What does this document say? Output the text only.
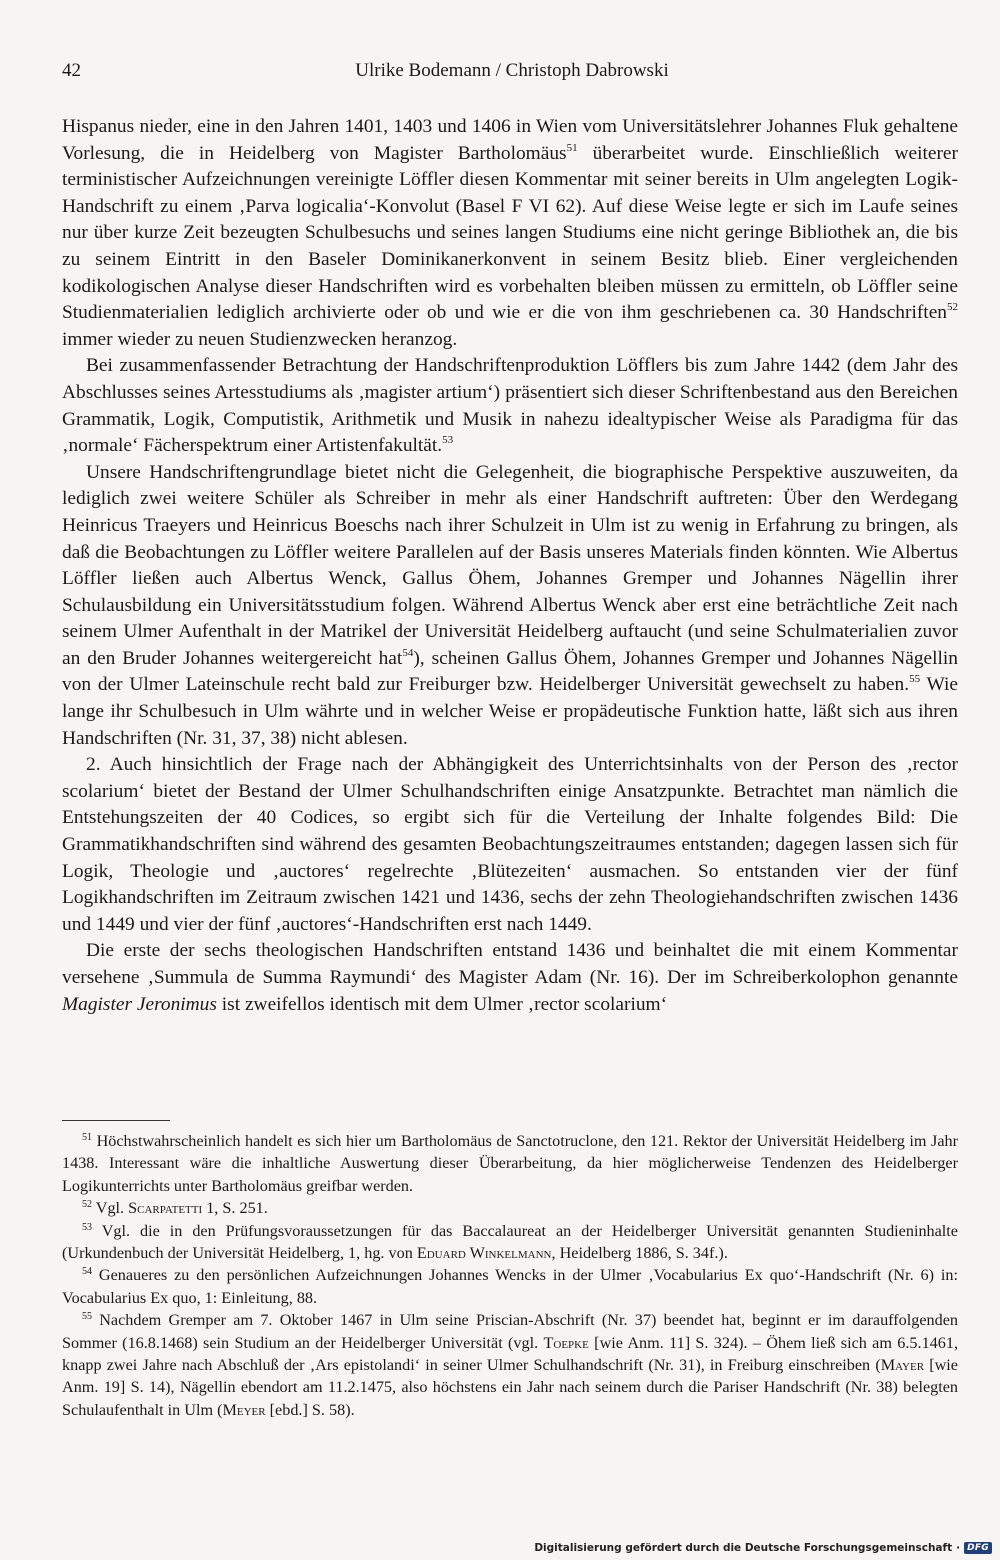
42	Ulrike Bodemann / Christoph Dabrowski

Hispanus nieder, eine in den Jahren 1401, 1403 und 1406 in Wien vom Universitätslehrer Johannes Fluk gehaltene Vorlesung, die in Heidelberg von Magister Bartholomäus$^{51}$ überarbeitet wurde. Einschließlich weiterer terministischer Aufzeichnungen vereinigte Löffler diesen Kommentar mit seiner bereits in Ulm angelegten Logik-Handschrift zu einem ‚Parva logicalia‘-Konvolut (Basel F VI 62). Auf diese Weise legte er sich im Laufe seines nur über kurze Zeit bezeugten Schulbesuchs und seines langen Studiums eine nicht geringe Bibliothek an, die bis zu seinem Eintritt in den Baseler Dominikanerkonvent in seinem Besitz blieb. Einer vergleichenden kodikologischen Analyse dieser Handschriften wird es vorbehalten bleiben müssen zu ermitteln, ob Löffler seine Studienmaterialien lediglich archivierte oder ob und wie er die von ihm geschriebenen ca. 30 Handschriften$^{52}$ immer wieder zu neuen Studienzwecken heranzog.

Bei zusammenfassender Betrachtung der Handschriftenproduktion Löfflers bis zum Jahre 1442 (dem Jahr des Abschlusses seines Artesstudiums als ‚magister artium‘) präsentiert sich dieser Schriftenbestand aus den Bereichen Grammatik, Logik, Computistik, Arithmetik und Musik in nahezu idealtypischer Weise als Paradigma für das ‚normale‘ Fächerspektrum einer Artistenfakultät.$^{53}$

Unsere Handschriftengrundlage bietet nicht die Gelegenheit, die biographische Perspektive auszuweiten, da lediglich zwei weitere Schüler als Schreiber in mehr als einer Handschrift auftreten: Über den Werdegang Heinricus Traeyers und Heinricus Boeschs nach ihrer Schulzeit in Ulm ist zu wenig in Erfahrung zu bringen, als daß die Beobachtungen zu Löffler weitere Parallelen auf der Basis unseres Materials finden könnten. Wie Albertus Löffler ließen auch Albertus Wenck, Gallus Öhem, Johannes Gremper und Johannes Nägellin ihrer Schulausbildung ein Universitätsstudium folgen. Während Albertus Wenck aber erst eine beträchtliche Zeit nach seinem Ulmer Aufenthalt in der Matrikel der Universität Heidelberg auftaucht (und seine Schulmaterialien zuvor an den Bruder Johannes weitergereicht hat$^{54}$), scheinen Gallus Öhem, Johannes Gremper und Johannes Nägellin von der Ulmer Lateinschule recht bald zur Freiburger bzw. Heidelberger Universität gewechselt zu haben.$^{55}$ Wie lange ihr Schulbesuch in Ulm währte und in welcher Weise er propädeutische Funktion hatte, läßt sich aus ihren Handschriften (Nr. 31, 37, 38) nicht ablesen.

2. Auch hinsichtlich der Frage nach der Abhängigkeit des Unterrichtsinhalts von der Person des ‚rector scolarium‘ bietet der Bestand der Ulmer Schulhandschriften einige Ansatzpunkte. Betrachtet man nämlich die Entstehungszeiten der 40 Codices, so ergibt sich für die Verteilung der Inhalte folgendes Bild: Die Grammatikhandschriften sind während des gesamten Beobachtungszeitraumes entstanden; dagegen lassen sich für Logik, Theologie und ‚auctores‘ regelrechte ‚Blütezeiten‘ ausmachen. So entstanden vier der fünf Logikhandschriften im Zeitraum zwischen 1421 und 1436, sechs der zehn Theologiehandschriften zwischen 1436 und 1449 und vier der fünf ‚auctores‘-Handschriften erst nach 1449.

Die erste der sechs theologischen Handschriften entstand 1436 und beinhaltet die mit einem Kommentar versehene ‚Summula de Summa Raymundi‘ des Magister Adam (Nr. 16). Der im Schreiberkolophon genannte Magister Jeronimus ist zweifellos identisch mit dem Ulmer ‚rector scolarium‘

$^{51}$ Höchstwahrscheinlich handelt es sich hier um Bartholomäus de Sanctotruclone, den 121. Rektor der Universität Heidelberg im Jahr 1438. Interessant wäre die inhaltliche Auswertung dieser Überarbeitung, da hier möglicherweise Tendenzen des Heidelberger Logikunterrichts unter Bartholomäus greifbar werden.

$^{52}$ Vgl. Scarpatetti 1, S. 251.

$^{53}$ Vgl. die in den Prüfungsvoraussetzungen für das Baccalaureat an der Heidelberger Universität genannten Studieninhalte (Urkundenbuch der Universität Heidelberg, 1, hg. von Eduard Winkelmann, Heidelberg 1886, S. 34f.).

$^{54}$ Genaueres zu den persönlichen Aufzeichnungen Johannes Wencks in der Ulmer ‚Vocabularius Ex quo‘-Handschrift (Nr. 6) in: Vocabularius Ex quo, 1: Einleitung, 88.

$^{55}$ Nachdem Gremper am 7. Oktober 1467 in Ulm seine Priscian-Abschrift (Nr. 37) beendet hat, beginnt er im darauffolgenden Sommer (16.8.1468) sein Studium an der Heidelberger Universität (vgl. Toepke [wie Anm. 11] S. 324). – Öhem ließ sich am 6.5.1461, knapp zwei Jahre nach Abschluß der ‚Ars epistolandi‘ in seiner Ulmer Schulhandschrift (Nr. 31), in Freiburg einschreiben (Mayer [wie Anm. 19] S. 14), Nägellin ebendort am 11.2.1475, also höchstens ein Jahr nach seinem durch die Pariser Handschrift (Nr. 38) belegten Schulaufenthalt in Ulm (Meyer [ebd.] S. 58).

Digitalisierung gefördert durch die Deutsche Forschungsgemeinschaft · DFG
